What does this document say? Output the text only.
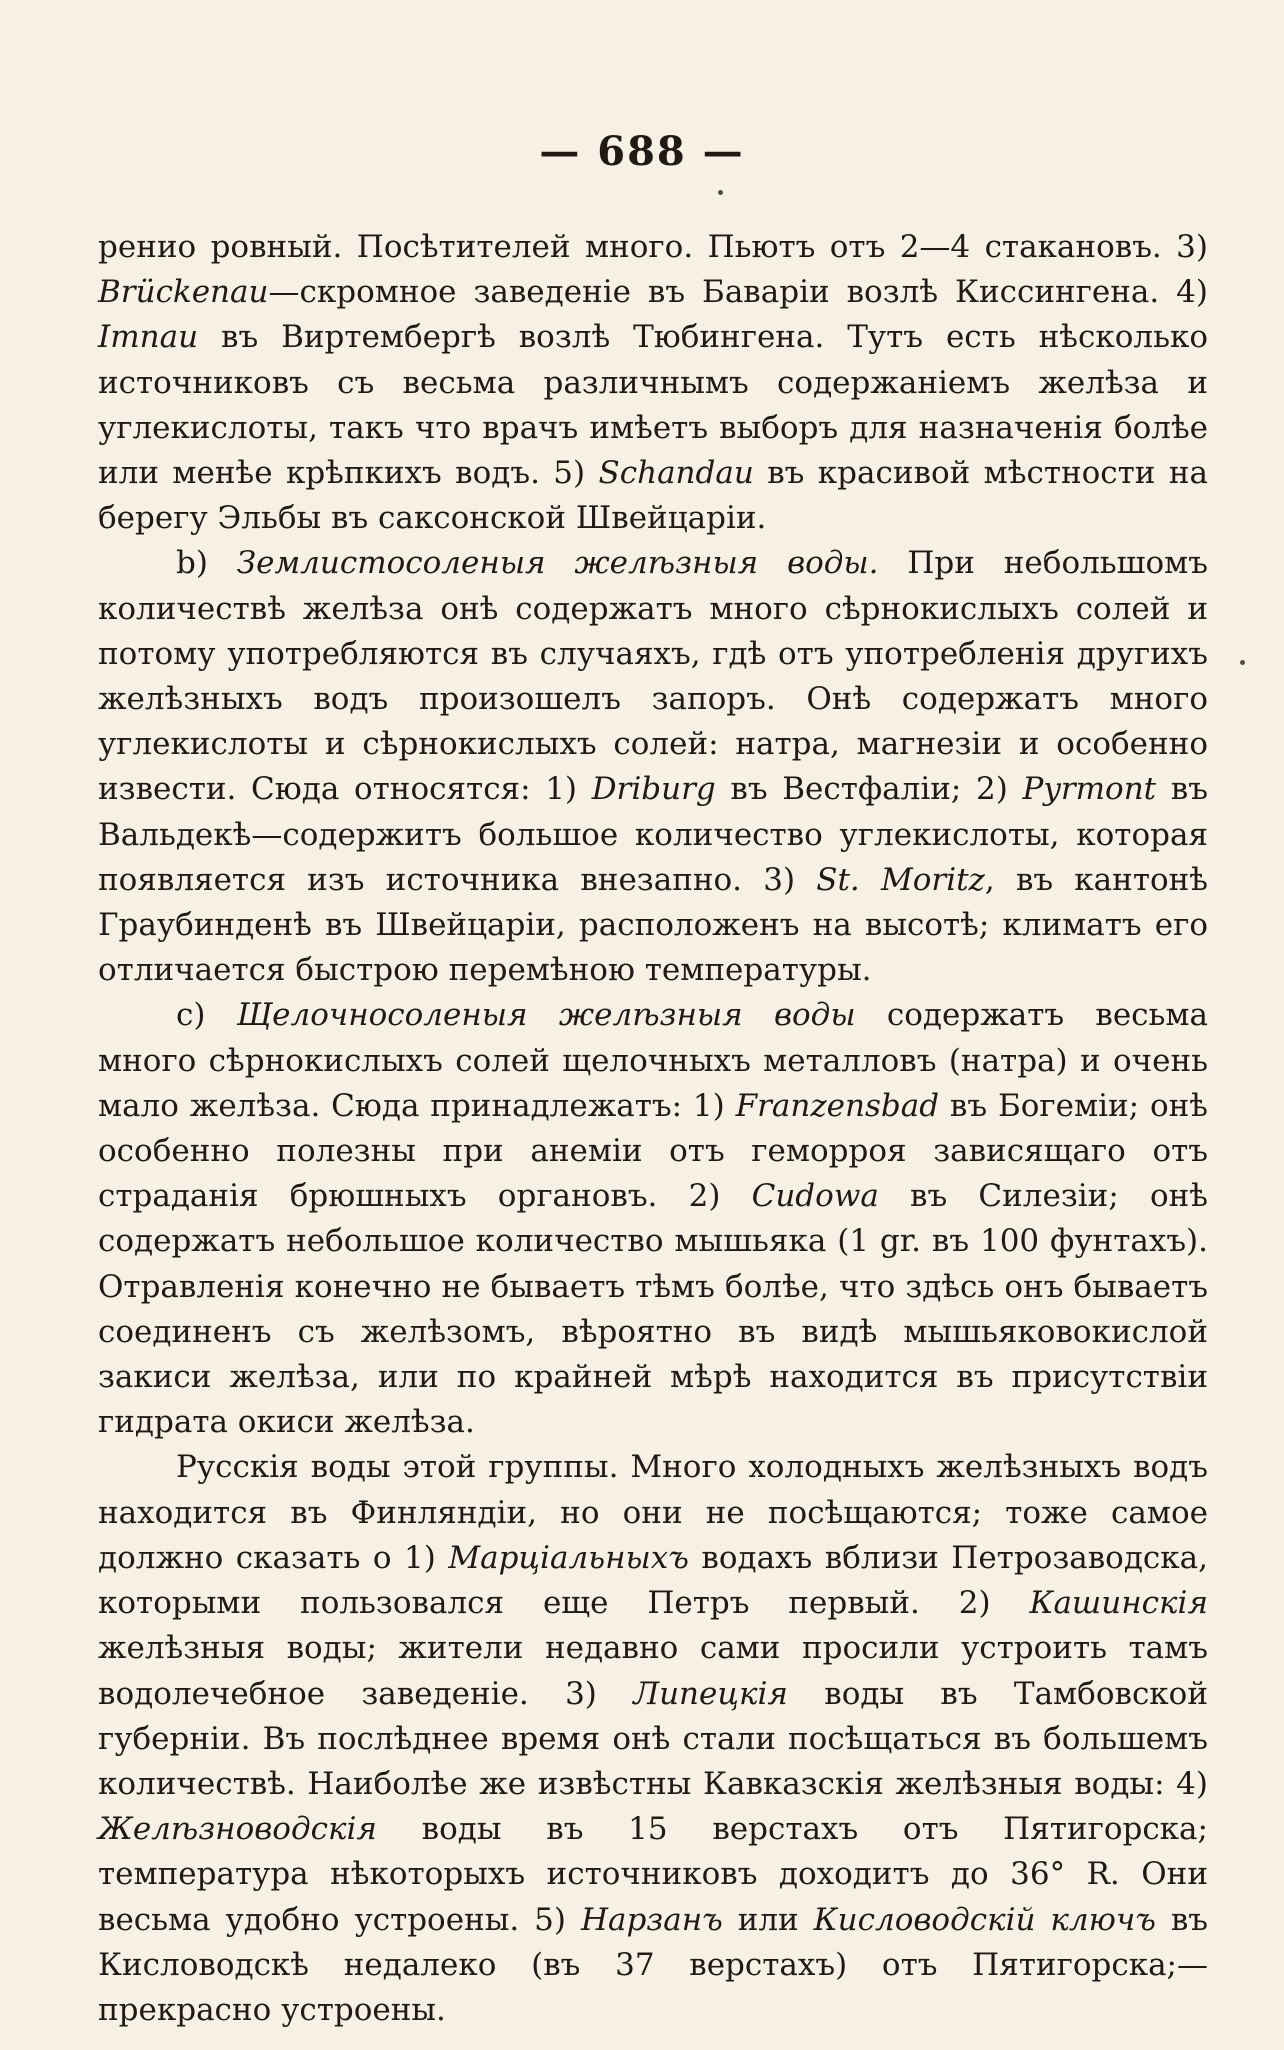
— 688 —

ренио ровный. Посѣтителей много. Пьютъ отъ 2—4 стакановъ. 3) Brückenau—скромное заведеніе въ Баваріи возлѣ Киссингена. 4) Imnau въ Виртембергѣ возлѣ Тюбингена. Тутъ есть нѣсколько источниковъ съ весьма различнымъ содержаніемъ желѣза и углекислоты, такъ что врачъ имѣетъ выборъ для назначенія болѣе или менѣе крѣпкихъ водъ. 5) Schandau въ красивой мѣстности на берегу Эльбы въ саксонской Швейцаріи.

b) Землистосоленыя желѣзныя воды. При небольшомъ количествѣ желѣза онѣ содержатъ много сѣрнокислыхъ солей и потому употребляются въ случаяхъ, гдѣ отъ употребленія другихъ желѣзныхъ водъ произошелъ запоръ. Онѣ содержатъ много углекислоты и сѣрнокислыхъ солей: натра, магнезіи и особенно извести. Сюда относятся: 1) Driburg въ Вестфаліи; 2) Pyrmont въ Вальдекѣ—содержитъ большое количество углекислоты, которая появляется изъ источника внезапно. 3) St. Moritz, въ кантонѣ Граубинденѣ въ Швейцаріи, расположенъ на высотѣ; климатъ его отличается быстрою перемѣною температуры.

c) Щелочносоленыя желѣзныя воды содержатъ весьма много сѣрнокислыхъ солей щелочныхъ металловъ (натра) и очень мало желѣза. Сюда принадлежатъ: 1) Franzensbad въ Богеміи; онѣ особенно полезны при анеміи отъ геморроя зависящаго отъ страданія брюшныхъ органовъ. 2) Cudowa въ Силезіи; онѣ содержатъ небольшое количество мышьяка (1 gr. въ 100 фунтахъ). Отравленія конечно не бываетъ тѣмъ болѣе, что здѣсь онъ бываетъ соединенъ съ желѣзомъ, вѣроятно въ видѣ мышьяковокислой закиси желѣза, или по крайней мѣрѣ находится въ присутствіи гидрата окиси желѣза.

Русскія воды этой группы. Много холодныхъ желѣзныхъ водъ находится въ Финляндіи, но они не посѣщаются; тоже самое должно сказать о 1) Марціальныхъ водахъ вблизи Петрозаводска, которыми пользовался еще Петръ первый. 2) Кашинскія желѣзныя воды; жители недавно сами просили устроить тамъ водолечебное заведеніе. 3) Липецкія воды въ Тамбовской губерніи. Въ послѣднее время онѣ стали посѣщаться въ большемъ количествѣ. Наиболѣе же извѣстны Кавказскія желѣзныя воды: 4) Желѣзноводскія воды въ 15 верстахъ отъ Пятигорска; температура нѣкоторыхъ источниковъ доходитъ до 36° R. Они весьма удобно устроены. 5) Нарзанъ или Кисловодскій ключъ въ Кисловодскѣ недалеко (въ 37 верстахъ) отъ Пятигорска;—прекрасно устроены.
